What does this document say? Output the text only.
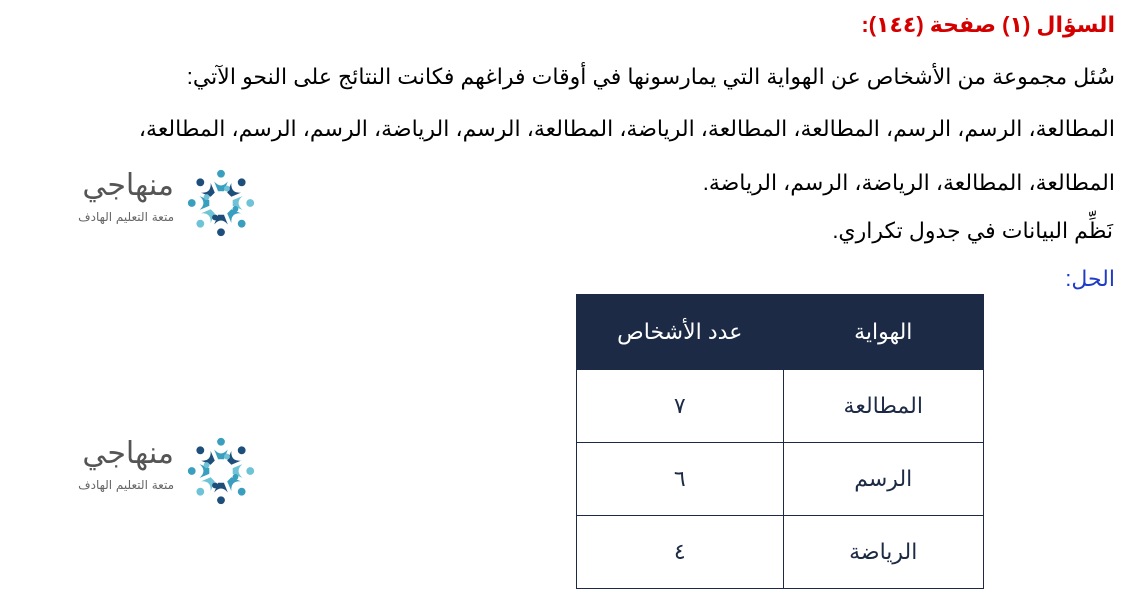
السؤال (١) صفحة (١٤٤):
سُئل مجموعة من الأشخاص عن الهواية التي يمارسونها في أوقات فراغهم فكانت النتائج على النحو الآتي:
المطالعة، الرسم، الرسم، المطالعة، المطالعة، الرياضة، المطالعة، الرسم، الرياضة، الرسم، الرسم، المطالعة،
المطالعة، المطالعة، الرياضة، الرسم، الرياضة.
نَظِّم البيانات في جدول تكراري.
الحل:
منهاجي
متعة التعليم الهادف
منهاجي
متعة التعليم الهادف
الهواية	عدد الأشخاص
المطالعة	٧
الرسم	٦
الرياضة	٤
